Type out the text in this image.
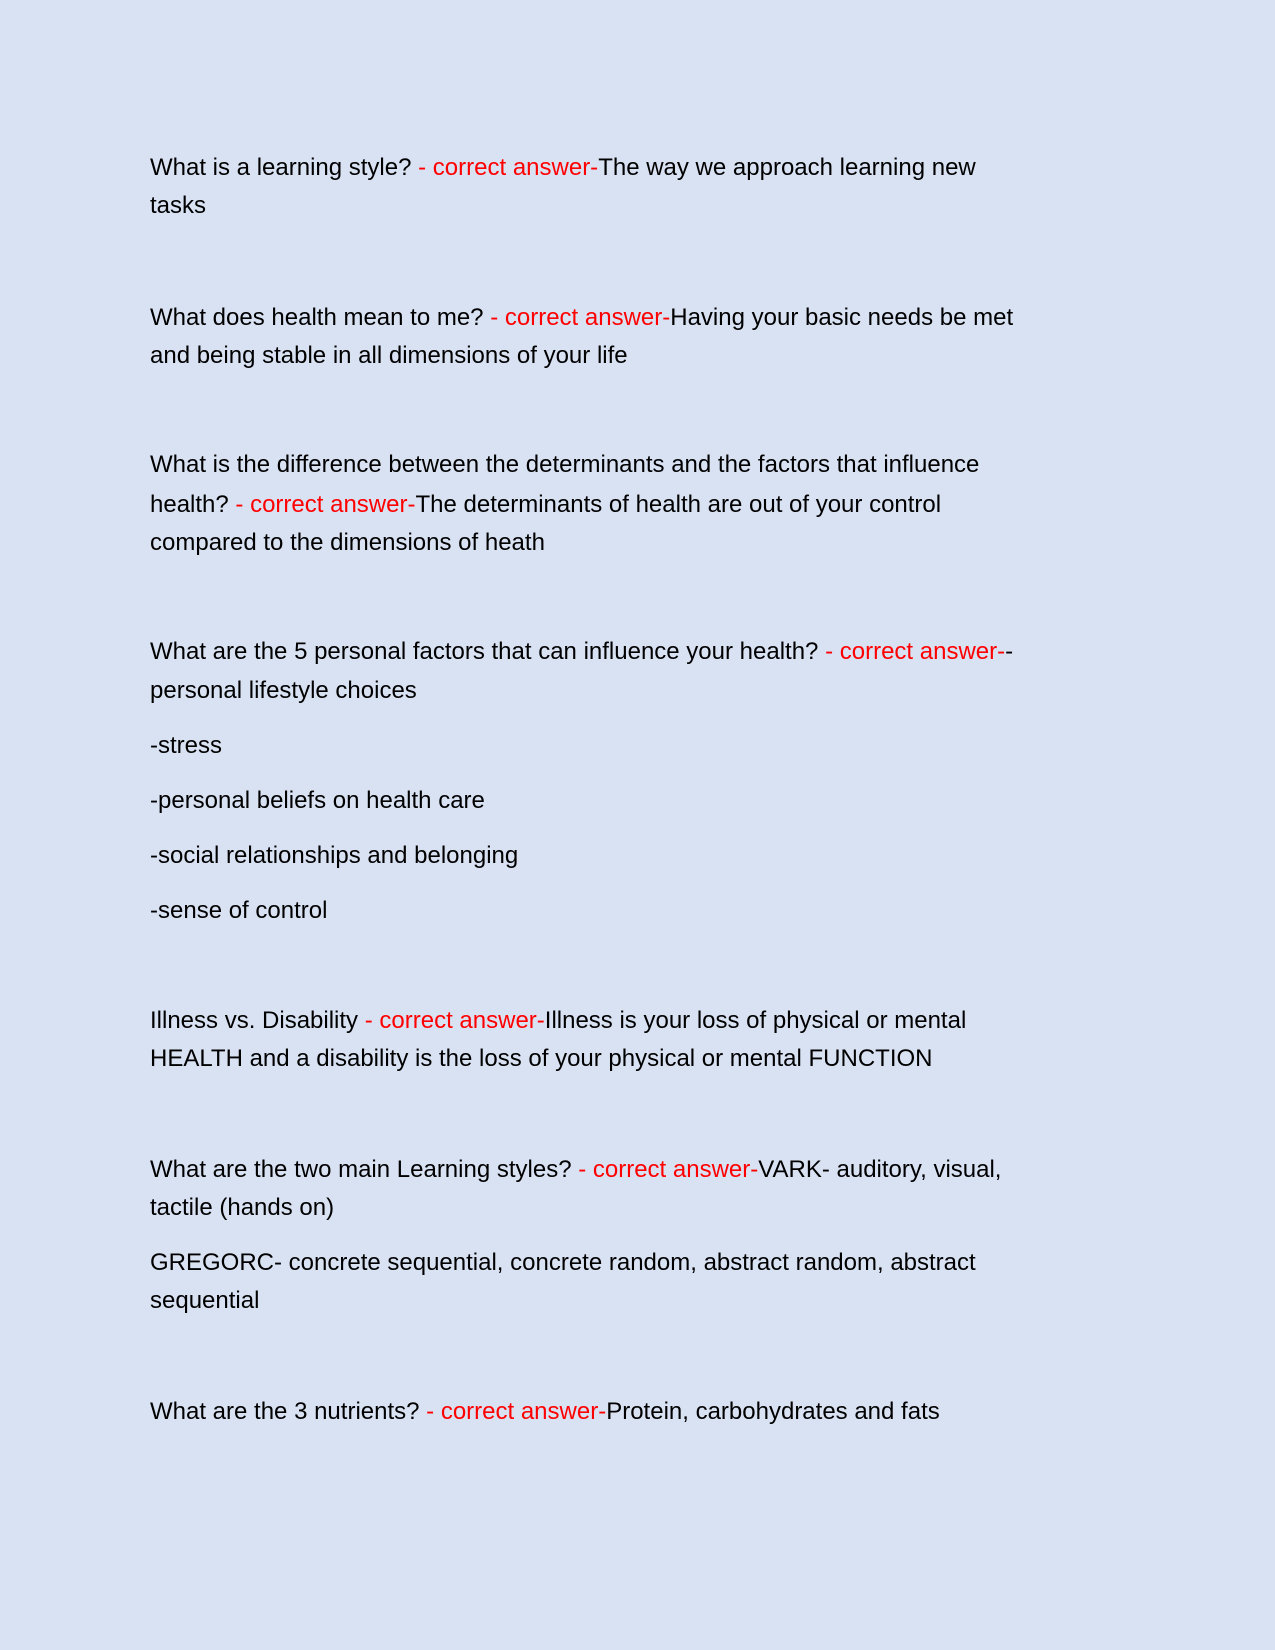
What is a learning style? - correct answer-The way we approach learning new
tasks
What does health mean to me? - correct answer-Having your basic needs be met
and being stable in all dimensions of your life
What is the difference between the determinants and the factors that influence
health? - correct answer-The determinants of health are out of your control
compared to the dimensions of heath
What are the 5 personal factors that can influence your health? - correct answer--
personal lifestyle choices
-stress
-personal beliefs on health care
-social relationships and belonging
-sense of control
Illness vs. Disability - correct answer-Illness is your loss of physical or mental
HEALTH and a disability is the loss of your physical or mental FUNCTION
What are the two main Learning styles? - correct answer-VARK- auditory, visual,
tactile (hands on)
GREGORC- concrete sequential, concrete random, abstract random, abstract
sequential
What are the 3 nutrients? - correct answer-Protein, carbohydrates and fats
